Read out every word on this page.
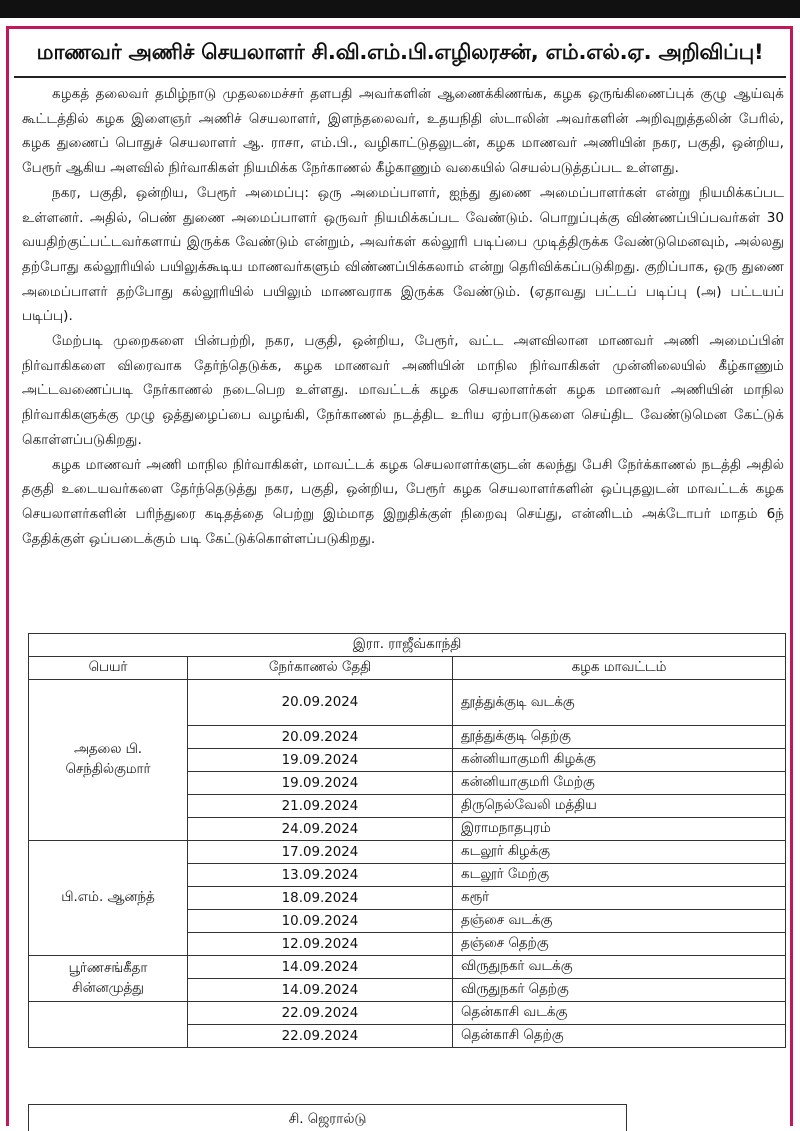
மாணவர் அணிச் செயலாளர் சி.வி.எம்.பி.எழிலரசன், எம்.எல்.ஏ. அறிவிப்பு!

கழகத் தலைவர் தமிழ்நாடு முதலமைச்சர் தளபதி அவர்களின் ஆணைக்கிணங்க, கழக ஒருங்கிணைப்புக் குழு ஆய்வுக் கூட்டத்தில் கழக இளைஞர் அணிச் செயலாளர், இளந்தலைவர், உதயநிதி ஸ்டாலின் அவர்களின் அறிவுறுத்தலின் பேரில், கழக துணைப் பொதுச் செயலாளர் ஆ. ராசா, எம்.பி., வழிகாட்டுதலுடன், கழக மாணவர் அணியின் நகர, பகுதி, ஒன்றிய, பேரூர் ஆகிய அளவில் நிர்வாகிகள் நியமிக்க நேர்காணல் கீழ்காணும் வகையில் செயல்படுத்தப்பட உள்ளது.

நகர, பகுதி, ஒன்றிய, பேரூர் அமைப்பு: ஒரு அமைப்பாளர், ஐந்து துணை அமைப்பாளர்கள் என்று நியமிக்கப்பட உள்ளனர். அதில், பெண் துணை அமைப்பாளர் ஒருவர் நியமிக்கப்பட வேண்டும். பொறுப்புக்கு விண்ணப்பிப்பவர்கள் 30 வயதிற்குட்பட்டவர்களாய் இருக்க வேண்டும் என்றும், அவர்கள் கல்லூரி படிப்பை முடித்திருக்க வேண்டுமெனவும், அல்லது தற்போது கல்லூரியில் பயிலுக்கூடிய மாணவர்களும் விண்ணப்பிக்கலாம் என்று தெரிவிக்கப்படுகிறது. குறிப்பாக, ஒரு துணை அமைப்பாளர் தற்போது கல்லூரியில் பயிலும் மாணவராக இருக்க வேண்டும். (ஏதாவது பட்டப் படிப்பு (அ) பட்டயப் படிப்பு).

மேற்படி முறைகளை பின்பற்றி, நகர, பகுதி, ஒன்றிய, பேரூர், வட்ட அளவிலான மாணவர் அணி அமைப்பின் நிர்வாகிகளை விரைவாக தேர்ந்தெடுக்க, கழக மாணவர் அணியின் மாநில நிர்வாகிகள் முன்னிலையில் கீழ்காணும் அட்டவணைப்படி நேர்காணல் நடைபெற உள்ளது. மாவட்டக் கழக செயலாளர்கள் கழக மாணவர் அணியின் மாநில நிர்வாகிகளுக்கு முழு ஒத்துழைப்பை வழங்கி, நேர்காணல் நடத்திட உரிய ஏற்பாடுகளை செய்திட வேண்டுமென கேட்டுக் கொள்ளப்படுகிறது.

கழக மாணவர் அணி மாநில நிர்வாகிகள், மாவட்டக் கழக செயலாளர்களுடன் கலந்து பேசி நேர்க்காணல் நடத்தி அதில் தகுதி உடையவர்களை தேர்ந்தெடுத்து நகர, பகுதி, ஒன்றிய, பேரூர் கழக செயலாளர்களின் ஒப்புதலுடன் மாவட்டக் கழக செயலாளர்களின் பரிந்துரை கடிதத்தை பெற்று இம்மாத இறுதிக்குள் நிறைவு செய்து, என்னிடம் அக்டோபர் மாதம் 6ந் தேதிக்குள் ஒப்படைக்கும் படி கேட்டுக்கொள்ளப்படுகிறது.

இரா. ராஜீவ்காந்தி		
பெயர்	நேர்காணல் தேதி	கழக மாவட்டம்
அதலை பி. செந்தில்குமார்	20.09.2024	தூத்துக்குடி வடக்கு
	20.09.2024	தூத்துக்குடி தெற்கு
	19.09.2024	கன்னியாகுமரி கிழக்கு
	19.09.2024	கன்னியாகுமரி மேற்கு
	21.09.2024	திருநெல்வேலி மத்திய
	24.09.2024	இராமநாதபுரம்
பி.எம். ஆனந்த்	17.09.2024	கடலூர் கிழக்கு
	13.09.2024	கடலூர் மேற்கு
	18.09.2024	கரூர்
	10.09.2024	தஞ்சை வடக்கு
	12.09.2024	தஞ்சை தெற்கு
பூர்ணசங்கீதா சின்னமுத்து	14.09.2024	விருதுநகர் வடக்கு
	14.09.2024	விருதுநகர் தெற்கு
	22.09.2024	தென்காசி வடக்கு
	22.09.2024	தென்காசி தெற்கு
சி. ஜெரால்டு
